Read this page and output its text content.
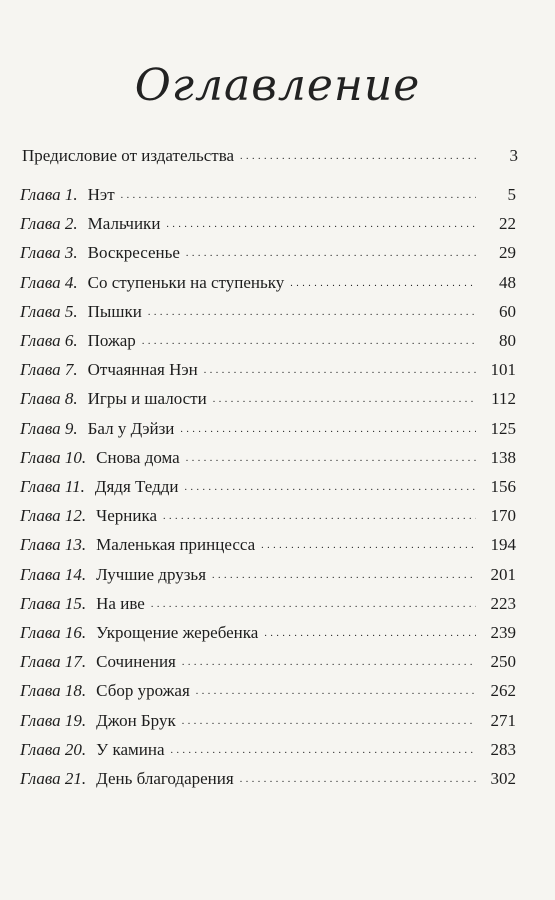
Оглавление
Предисловие от издательства . . .	3
Глава 1. Нэт . . .	5
Глава 2. Мальчики . . .	22
Глава 3. Воскресенье . . .	29
Глава 4. Со ступеньки на ступеньку . . .	48
Глава 5. Пышки . . .	60
Глава 6. Пожар . . .	80
Глава 7. Отчаянная Нэн . . .	101
Глава 8. Игры и шалости . . .	112
Глава 9. Бал у Дэйзи . . .	125
Глава 10. Снова дома . . .	138
Глава 11. Дядя Тедди . . .	156
Глава 12. Черника . . .	170
Глава 13. Маленькая принцесса . . .	194
Глава 14. Лучшие друзья . . .	201
Глава 15. На иве . . .	223
Глава 16. Укрощение жеребенка . . .	239
Глава 17. Сочинения . . .	250
Глава 18. Сбор урожая . . .	262
Глава 19. Джон Брук . . .	271
Глава 20. У камина . . .	283
Глава 21. День благодарения . . .	302
